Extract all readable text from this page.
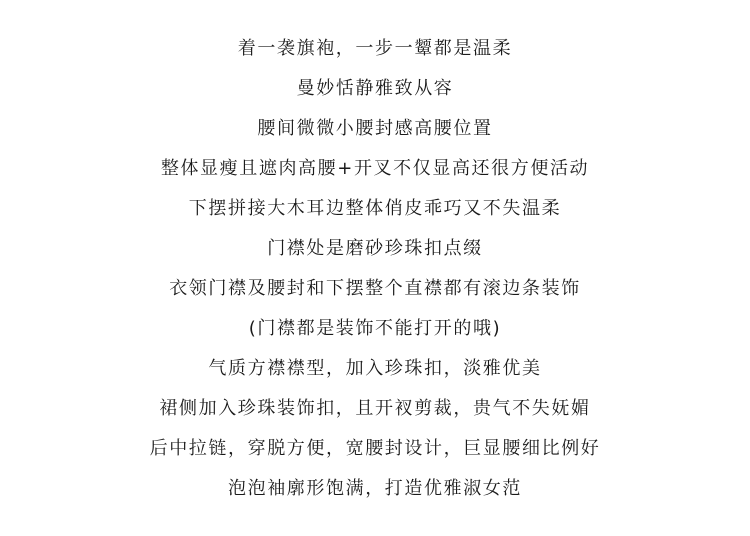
着一袭旗袍，一步一颦都是温柔
曼妙恬静雅致从容
腰间微微小腰封感高腰位置
整体显瘦且遮肉高腰+开叉不仅显高还很方便活动
下摆拼接大木耳边整体俏皮乖巧又不失温柔
门襟处是磨砂珍珠扣点缀
衣领门襟及腰封和下摆整个直襟都有滚边条装饰
(门襟都是装饰不能打开的哦)
气质方襟襟型，加入珍珠扣，淡雅优美
裙侧加入珍珠装饰扣，且开衩剪裁，贵气不失妩媚
后中拉链，穿脱方便，宽腰封设计，巨显腰细比例好
泡泡袖廓形饱满，打造优雅淑女范
